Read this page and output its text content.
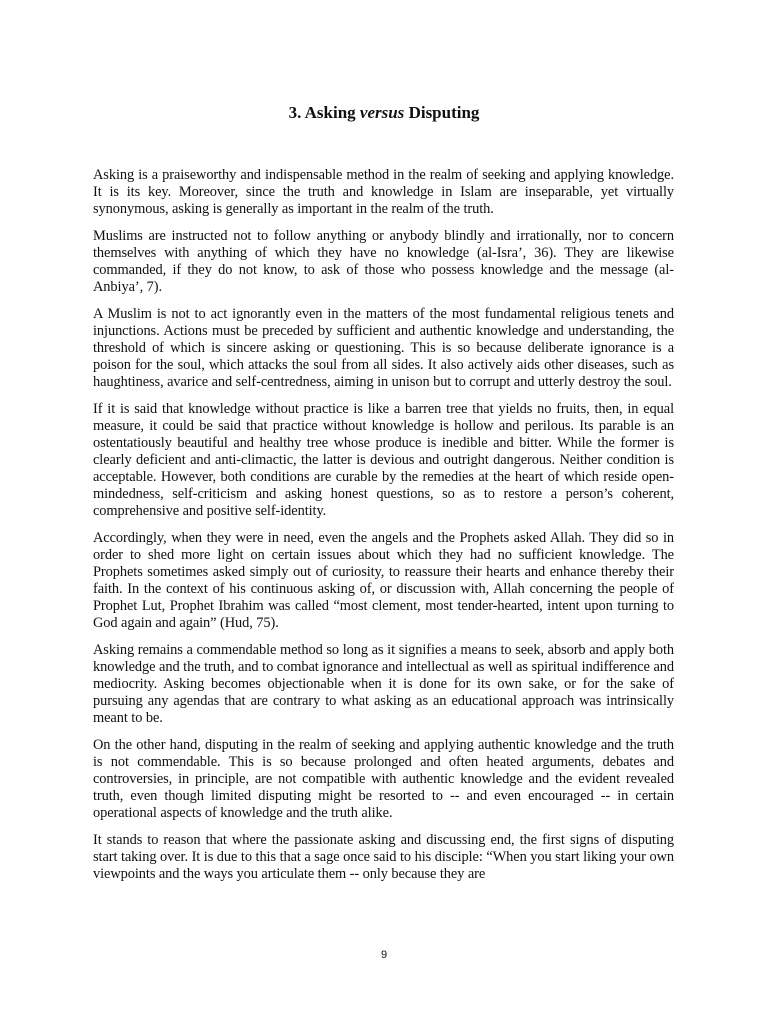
3. Asking versus Disputing

Asking is a praiseworthy and indispensable method in the realm of seeking and applying knowledge. It is its key. Moreover, since the truth and knowledge in Islam are inseparable, yet virtually synonymous, asking is generally as important in the realm of the truth.

Muslims are instructed not to follow anything or anybody blindly and irrationally, nor to concern themselves with anything of which they have no knowledge (al-Isra’, 36). They are likewise commanded, if they do not know, to ask of those who possess knowledge and the message (al-Anbiya’, 7).

A Muslim is not to act ignorantly even in the matters of the most fundamental religious tenets and injunctions. Actions must be preceded by sufficient and authentic knowledge and understanding, the threshold of which is sincere asking or questioning. This is so because deliberate ignorance is a poison for the soul, which attacks the soul from all sides. It also actively aids other diseases, such as haughtiness, avarice and self-centredness, aiming in unison but to corrupt and utterly destroy the soul.

If it is said that knowledge without practice is like a barren tree that yields no fruits, then, in equal measure, it could be said that practice without knowledge is hollow and perilous. Its parable is an ostentatiously beautiful and healthy tree whose produce is inedible and bitter. While the former is clearly deficient and anti-climactic, the latter is devious and outright dangerous. Neither condition is acceptable. However, both conditions are curable by the remedies at the heart of which reside open-mindedness, self-criticism and asking honest questions, so as to restore a person’s coherent, comprehensive and positive self-identity.

Accordingly, when they were in need, even the angels and the Prophets asked Allah. They did so in order to shed more light on certain issues about which they had no sufficient knowledge. The Prophets sometimes asked simply out of curiosity, to reassure their hearts and enhance thereby their faith. In the context of his continuous asking of, or discussion with, Allah concerning the people of Prophet Lut, Prophet Ibrahim was called “most clement, most tender-hearted, intent upon turning to God again and again” (Hud, 75).

Asking remains a commendable method so long as it signifies a means to seek, absorb and apply both knowledge and the truth, and to combat ignorance and intellectual as well as spiritual indifference and mediocrity. Asking becomes objectionable when it is done for its own sake, or for the sake of pursuing any agendas that are contrary to what asking as an educational approach was intrinsically meant to be.

On the other hand, disputing in the realm of seeking and applying authentic knowledge and the truth is not commendable. This is so because prolonged and often heated arguments, debates and controversies, in principle, are not compatible with authentic knowledge and the evident revealed truth, even though limited disputing might be resorted to -- and even encouraged -- in certain operational aspects of knowledge and the truth alike.

It stands to reason that where the passionate asking and discussing end, the first signs of disputing start taking over. It is due to this that a sage once said to his disciple: “When you start liking your own viewpoints and the ways you articulate them -- only because they are

9
